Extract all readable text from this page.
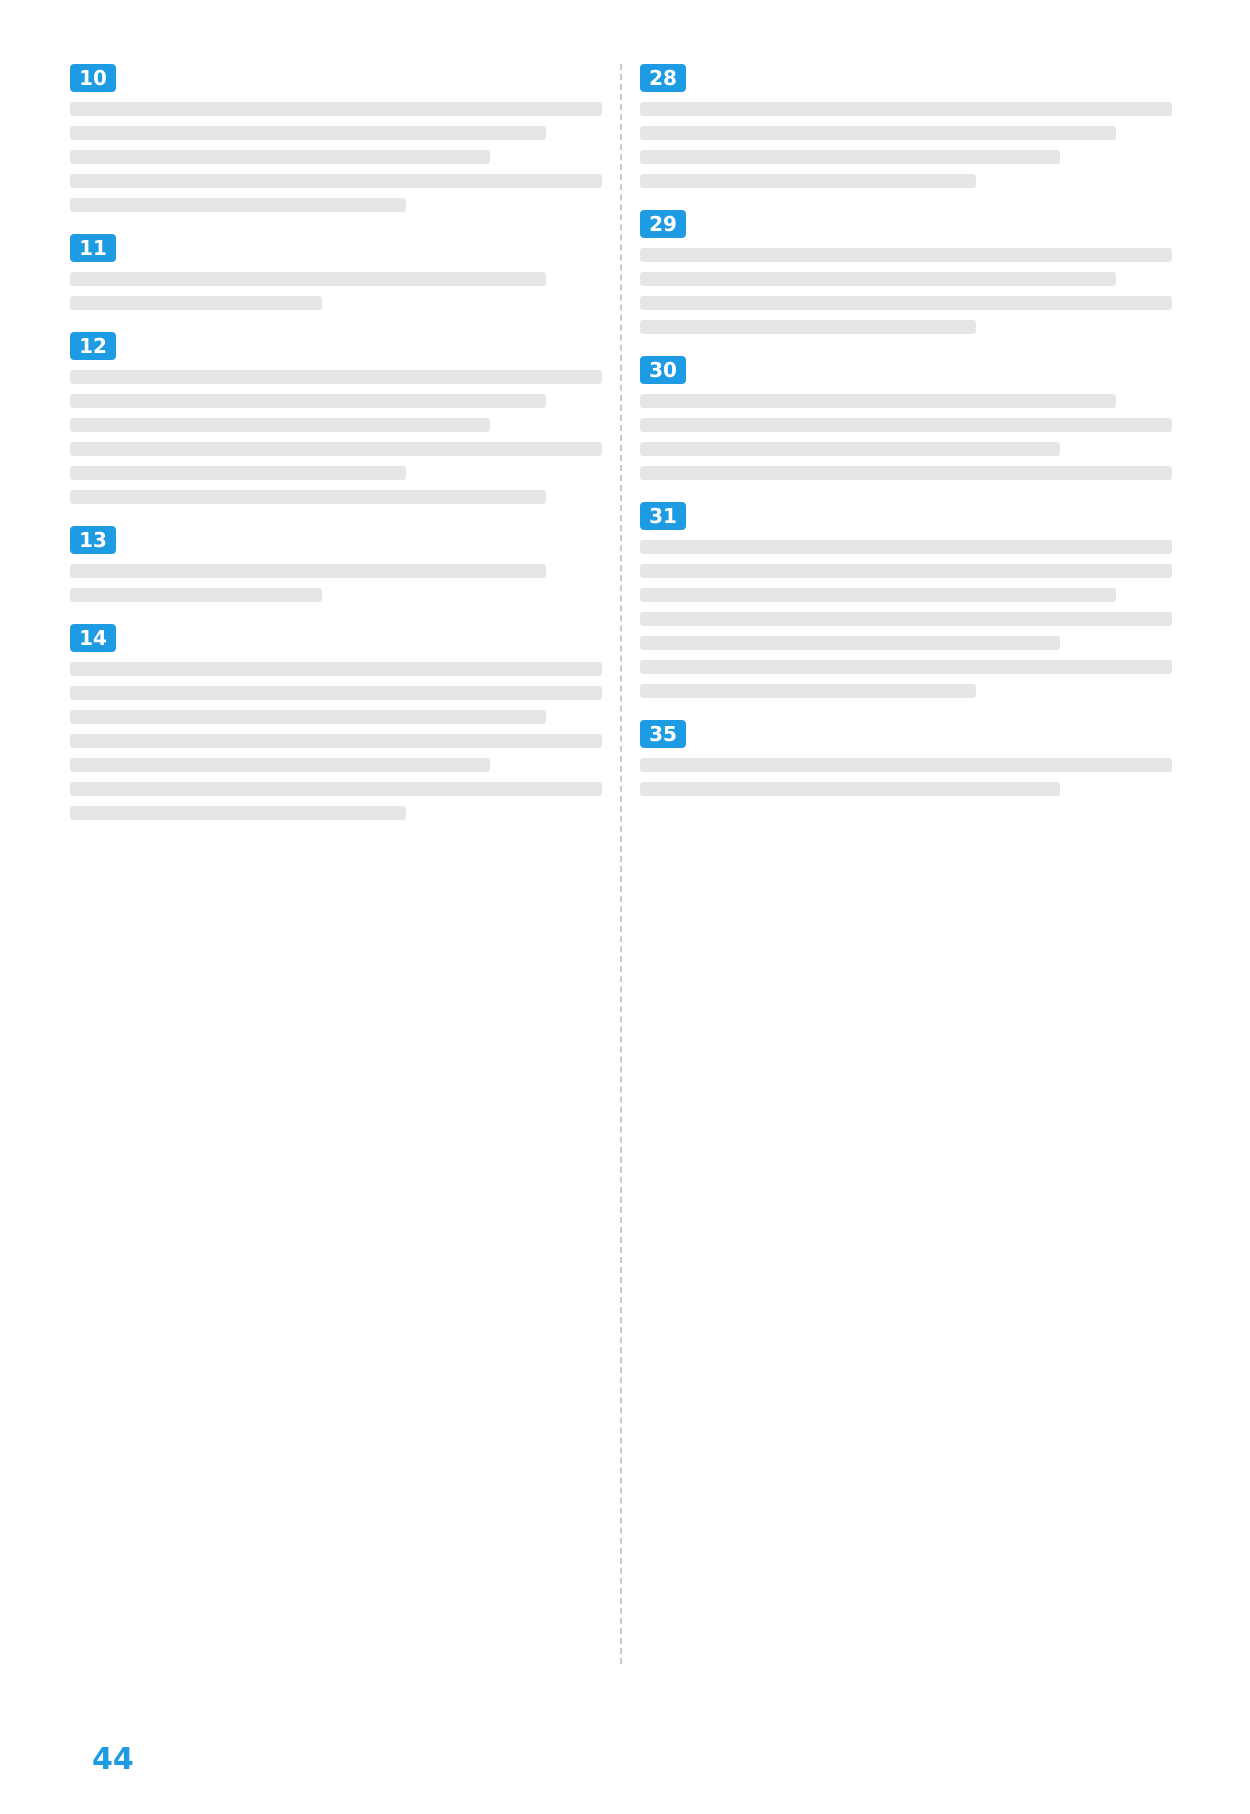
10
11
12
13
14
28
29
30
31
35
44
